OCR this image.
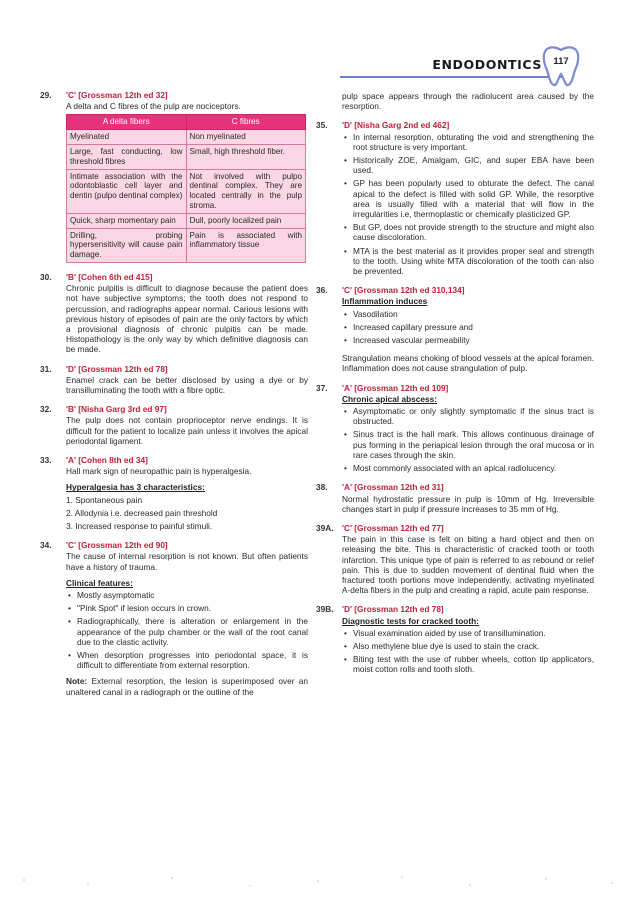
ENDODONTICS	117
29. 'C' [Grossman 12th ed 32]
A delta and C fibres of the pulp are nociceptors.
A delta fibers	C fibres
Myelinated	Non myelinated
Large, fast conducting, low threshold fibres	Small, high threshold fiber.
Intimate association with the odontoblastic cell layer and dentin (pulpo dentinal complex)	Not involved with pulpo dentinal complex. They are located centrally in the pulp stroma.
Quick, sharp momentary pain	Dull, poorly localized pain
Drilling, probing hypersensitivity will cause pain damage.	Pain is associated with inflammatory tissue
30. 'B' [Cohen 6th ed 415]
Chronic pulpitis is difficult to diagnose because the patient does not have subjective symptoms; the tooth does not respond to percussion, and radiographs appear normal. Carious lesions with previous history of episodes of pain are the only factors by which a provisional diagnosis of chronic pulpitis can be made. Histopathology is the only way by which definitive diagnosis can be made.
31. 'D' [Grossman 12th ed 78]
Enamel crack can be better disclosed by using a dye or by transilluminating the tooth with a fibre optic.
32. 'B' [Nisha Garg 3rd ed 97]
The pulp does not contain proprioceptor nerve endings. It is difficult for the patient to localize pain unless it involves the apical periodontal ligament.
33. 'A' [Cohen 8th ed 34]
Hall mark sign of neuropathic pain is hyperalgesia.
Hyperalgesia has 3 characteristics:
1. Spontaneous pain
2. Allodynia i.e. decreased pain threshold
3. Increased response to painful stimuli.
34. 'C' [Grossman 12th ed 90]
The cause of internal resorption is not known. But often patients have a history of trauma.
Clinical features:
• Mostly asymptomatic
• "Pink Spot" if lesion occurs in crown.
• Radiographically, there is alteration or enlargement in the appearance of the pulp chamber or the wall of the root canal due to the clastic activity.
• When desorption progresses into periodontal space, it is difficult to differentiate from external resorption.
Note: External resorption, the lesion is superimposed over an unaltered canal in a radiograph or the outline of the
pulp space appears through the radiolucent area caused by the resorption.
35. 'D' [Nisha Garg 2nd ed 462]
• In internal resorption, obturating the void and strengthening the root structure is very important.
• Historically ZOE, Amalgam, GIC, and super EBA have been used.
• GP has been popularly used to obturate the defect. The canal apical to the defect is filled with solid GP. While, the resorptive area is usually filled with a material that will flow in the irregularities i.e, thermoplastic or chemically plasticized GP.
• But GP, does not provide strength to the structure and might also cause discoloration.
• MTA is the best material as it provides proper seal and strength to the tooth. Using white MTA discoloration of the tooth can also be prevented.
36. 'C' [Grossman 12th ed 310,134]
Inflammation induces
• Vasodilation
• Increased capillary pressure and
• Increased vascular permeability
Strangulation means choking of blood vessels at the apical foramen. Inflammation does not cause strangulation of pulp.
37. 'A' [Grossman 12th ed 109]
Chronic apical abscess:
• Asymptomatic or only slightly symptomatic if the sinus tract is obstructed.
• Sinus tract is the hall mark. This allows continuous drainage of pus forming in the periapical lesion through the oral mucosa or in rare cases through the skin.
• Most commonly associated with an apical radiolucency.
38. 'A' [Grossman 12th ed 31]
Normal hydrostatic pressure in pulp is 10mm of Hg. Irreversible changes start in pulp if pressure increases to 35 mm of Hg.
39A. 'C' [Grossman 12th ed 77]
The pain in this case is felt on biting a hard object and then on releasing the bite. This is characteristic of cracked tooth or tooth infarction. This unique type of pain is referred to as rebound or relief pain. This is due to sudden movement of dentinal fluid when the fractured tooth portions move independently, activating myelinated A-delta fibers in the pulp and creating a rapid, acute pain response.
39B. 'D' [Grossman 12th ed 78]
Diagnostic tests for cracked tooth:
• Visual examination aided by use of transillumination.
• Also methylene blue dye is used to stain the crack.
• Biting test with the use of rubber wheels, cotton tip applicators, moist cotton rolls and tooth sloth.
